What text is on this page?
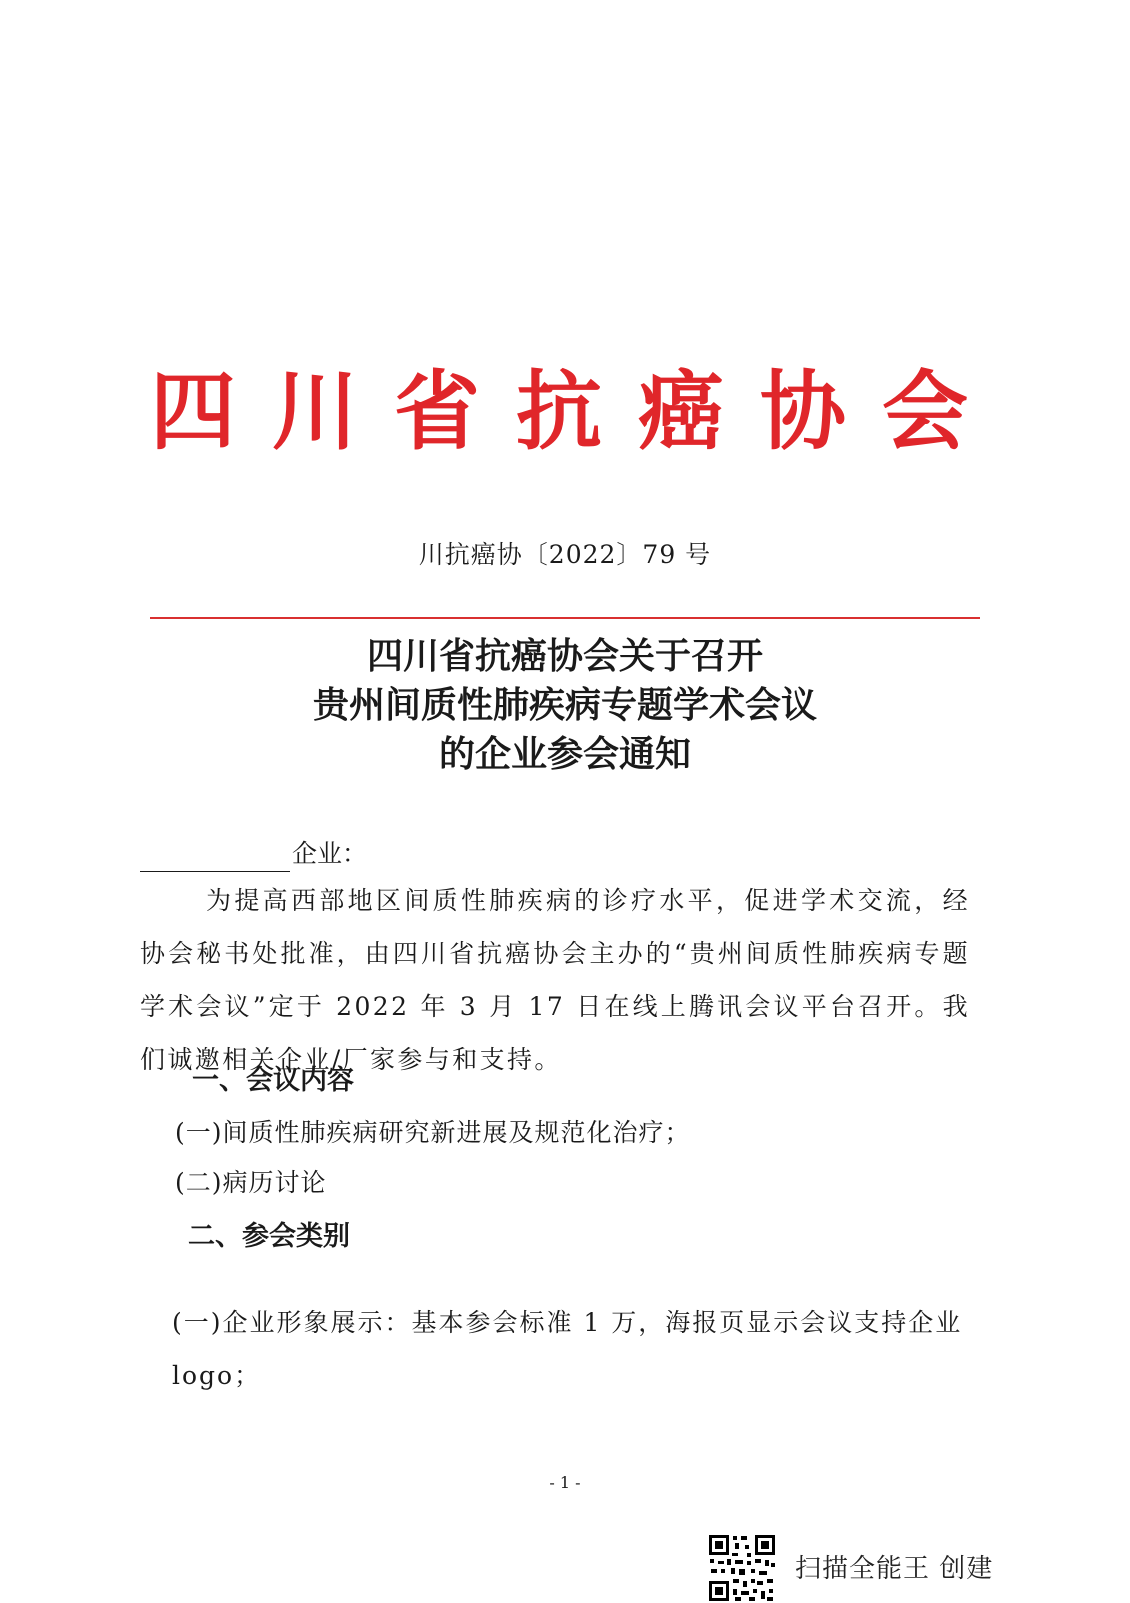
四川省抗癌协会
川抗癌协〔2022〕79 号
四川省抗癌协会关于召开
贵州间质性肺疾病专题学术会议
的企业参会通知
企业：
为提高西部地区间质性肺疾病的诊疗水平，促进学术交流，经协会秘书处批准，由四川省抗癌协会主办的“贵州间质性肺疾病专题学术会议”定于 2022 年 3 月 17 日在线上腾讯会议平台召开。我们诚邀相关企业/厂家参与和支持。
一、会议内容
(一)间质性肺疾病研究新进展及规范化治疗；
(二)病历讨论
二、参会类别
(一)企业形象展示：基本参会标准 1 万，海报页显示会议支持企业 logo；
- 1 -
扫描全能王 创建
